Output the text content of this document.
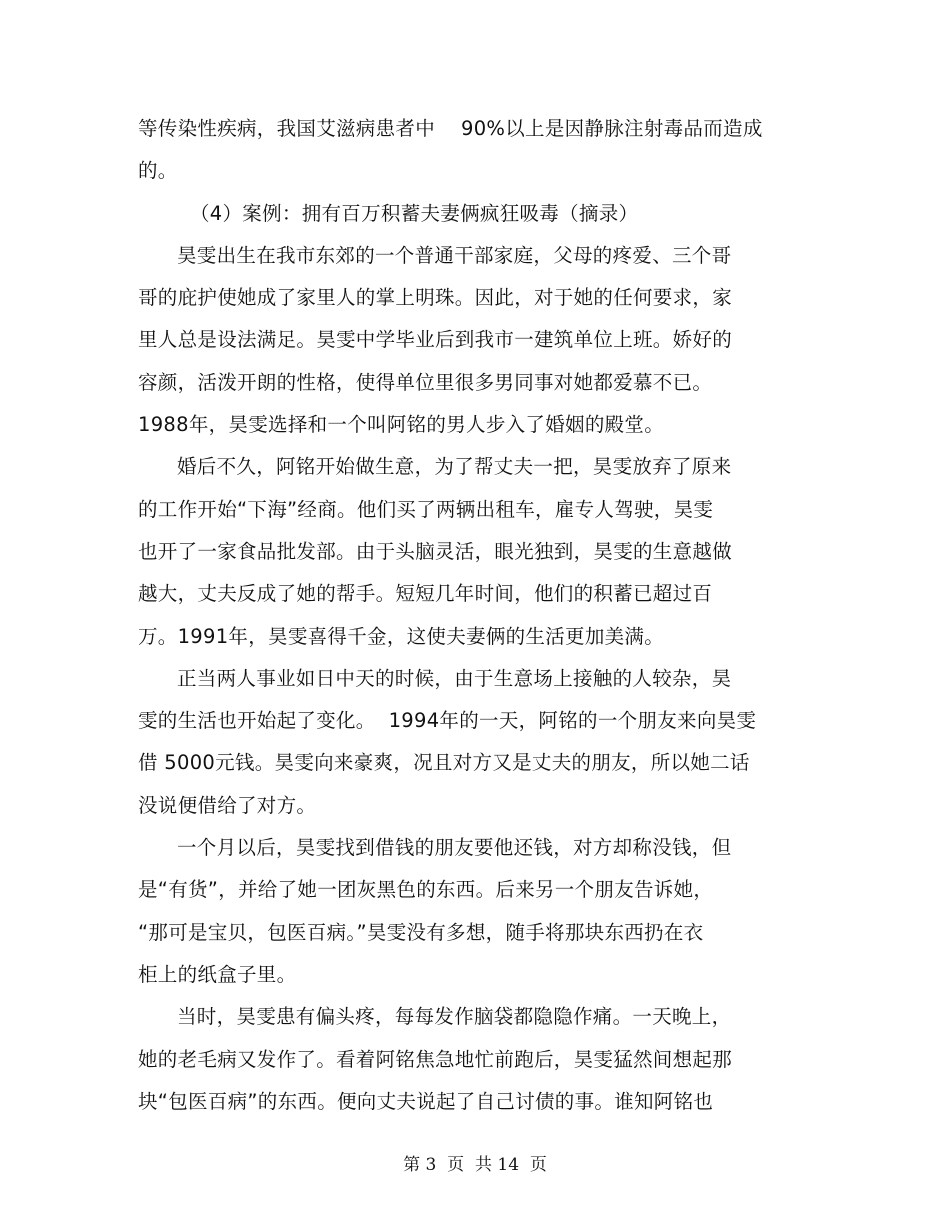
等传染性疾病，我国艾滋病患者中    90%以上是因静脉注射毒品而造成
的。
（4）案例：拥有百万积蓄夫妻俩疯狂吸毒（摘录）
昊雯出生在我市东郊的一个普通干部家庭，父母的疼爱、三个哥
哥的庇护使她成了家里人的掌上明珠。因此，对于她的任何要求，家
里人总是设法满足。昊雯中学毕业后到我市一建筑单位上班。娇好的
容颜，活泼开朗的性格，使得单位里很多男同事对她都爱慕不已。
1988年，昊雯选择和一个叫阿铭的男人步入了婚姻的殿堂。
婚后不久，阿铭开始做生意，为了帮丈夫一把，昊雯放弃了原来
的工作开始“下海”经商。他们买了两辆出租车，雇专人驾驶，昊雯
也开了一家食品批发部。由于头脑灵活，眼光独到，昊雯的生意越做
越大，丈夫反成了她的帮手。短短几年时间，他们的积蓄已超过百
万。1991年，昊雯喜得千金，这使夫妻俩的生活更加美满。
正当两人事业如日中天的时候，由于生意场上接触的人较杂，昊
雯的生活也开始起了变化。  1994年的一天，阿铭的一个朋友来向昊雯
借 5000元钱。昊雯向来豪爽，况且对方又是丈夫的朋友，所以她二话
没说便借给了对方。
一个月以后，昊雯找到借钱的朋友要他还钱，对方却称没钱，但
是“有货”，并给了她一团灰黑色的东西。后来另一个朋友告诉她，
“那可是宝贝，包医百病。”昊雯没有多想，随手将那块东西扔在衣
柜上的纸盒子里。
当时，昊雯患有偏头疼，每每发作脑袋都隐隐作痛。一天晚上，
她的老毛病又发作了。看着阿铭焦急地忙前跑后，昊雯猛然间想起那
块“包医百病”的东西。便向丈夫说起了自己讨债的事。谁知阿铭也
第 3  页  共 14  页
